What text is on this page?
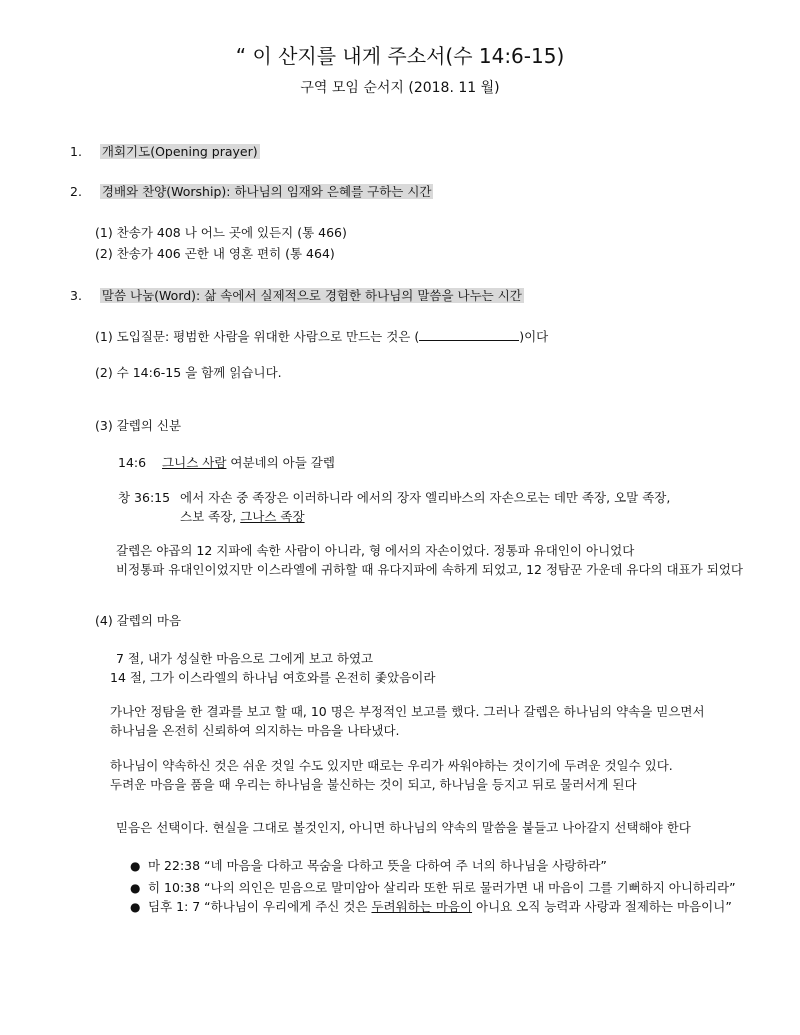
“ 이 산지를 내게 주소서(수 14:6-15)
구역 모임 순서지 (2018. 11 월)
1. 개회기도(Opening prayer)
2. 경배와 찬양(Worship): 하나님의 임재와 은혜를 구하는 시간
(1) 찬송가 408 나 어느 곳에 있든지 (통 466)
(2) 찬송가 406 곤한 내 영혼 편히 (통 464)
3. 말씀 나눔(Word): 삶 속에서 실제적으로 경험한 하나님의 말씀을 나누는 시간
(1) 도입질문: 평범한 사람을 위대한 사람으로 만드는 것은 (	)이다
(2) 수 14:6-15 을 함께 읽습니다.
(3) 갈렙의 신분
14:6 그니스 사람 여분네의 아들 갈렙
창 36:15 에서 자손 중 족장은 이러하니라 에서의 장자 엘리바스의 자손으로는 데만 족장, 오말 족장,
스보 족장, 그나스 족장
갈렙은 야곱의 12 지파에 속한 사람이 아니라, 형 에서의 자손이었다. 정통파 유대인이 아니었다
비정통파 유대인이었지만 이스라엘에 귀하할 때 유다지파에 속하게 되었고, 12 정탐꾼 가운데 유다의 대표가 되었다
(4) 갈렙의 마음
7 절, 내가 성실한 마음으로 그에게 보고 하였고
14 절, 그가 이스라엘의 하나님 여호와를 온전히 좇았음이라
가나안 정탐을 한 결과를 보고 할 때, 10 명은 부정적인 보고를 했다. 그러나 갈렙은 하나님의 약속을 믿으면서
하나님을 온전히 신뢰하여 의지하는 마음을 나타냈다.
하나님이 약속하신 것은 쉬운 것일 수도 있지만 때로는 우리가 싸워야하는 것이기에 두려운 것일수 있다.
두려운 마음을 품을 때 우리는 하나님을 불신하는 것이 되고, 하나님을 등지고 뒤로 물러서게 된다
믿음은 선택이다. 현실을 그대로 볼것인지, 아니면 하나님의 약속의 말씀을 붙들고 나아갈지 선택해야 한다
● 마 22:38 “네 마음을 다하고 목숨을 다하고 뜻을 다하여 주 너의 하나님을 사랑하라”
● 히 10:38 “나의 의인은 믿음으로 말미암아 살리라 또한 뒤로 물러가면 내 마음이 그를 기뻐하지 아니하리라”
● 딤후 1: 7 “하나님이 우리에게 주신 것은 두려워하는 마음이 아니요 오직 능력과 사랑과 절제하는 마음이니”
